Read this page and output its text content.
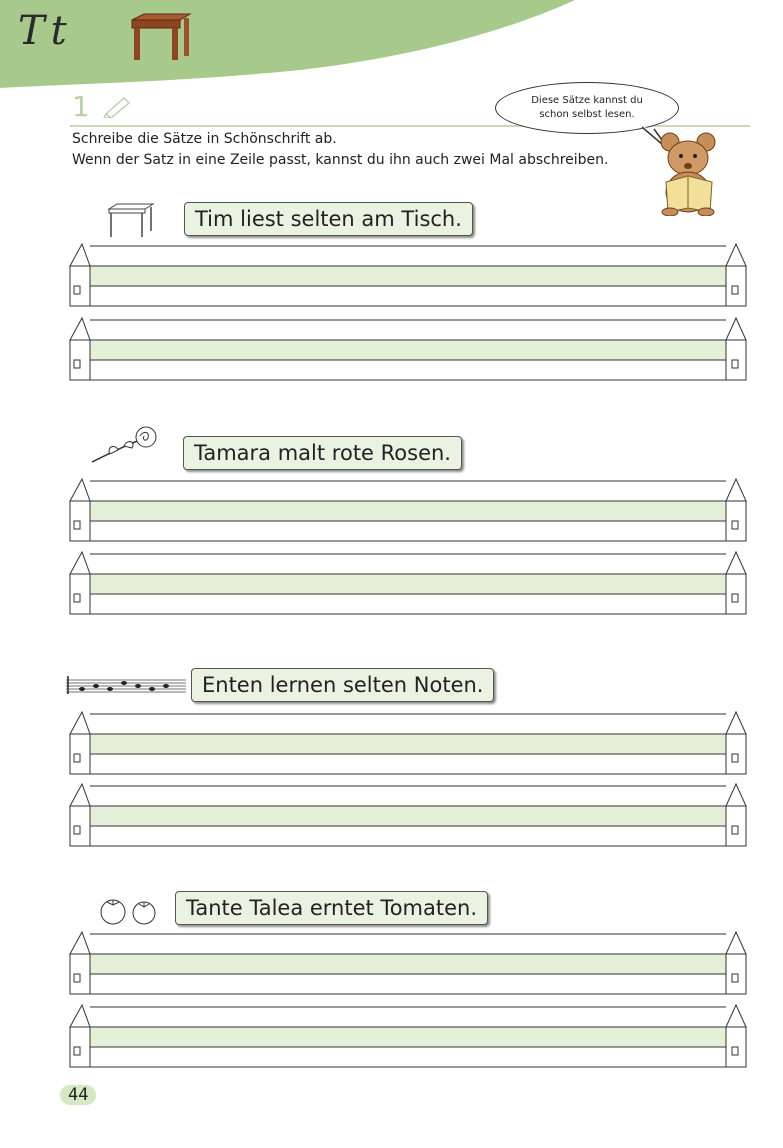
Tt
1
Schreibe die Sätze in Schönschrift ab.
Wenn der Satz in eine Zeile passt, kannst du ihn auch zwei Mal abschreiben.
Diese Sätze kannst du
schon selbst lesen.
Tim liest selten am Tisch.
Tamara malt rote Rosen.
Enten lernen selten Noten.
Tante Talea erntet Tomaten.
44
